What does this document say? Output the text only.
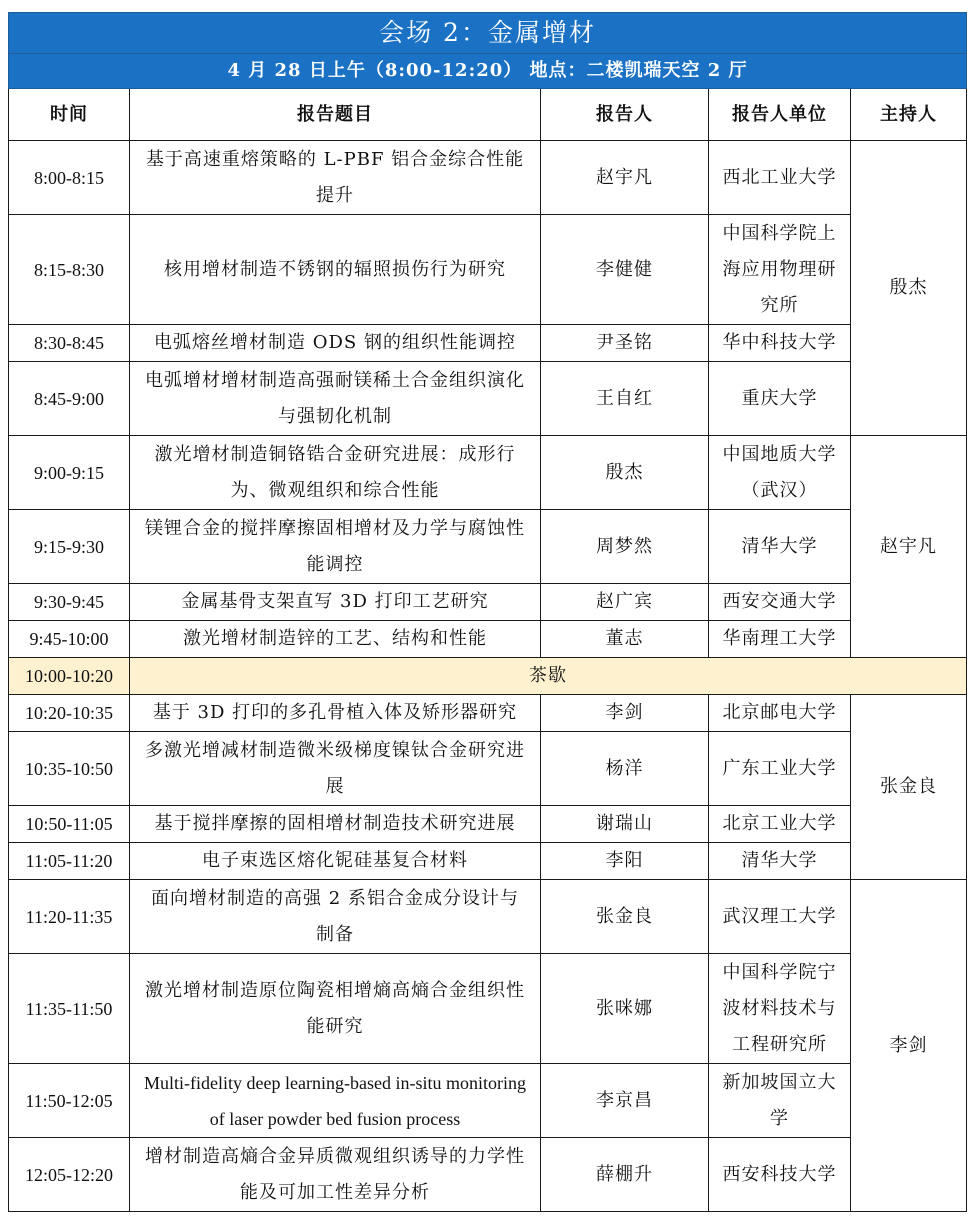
会场 2：金属增材				
4 月 28 日上午（8:00-12:20） 地点：二楼凯瑞天空 2 厅				
时间	报告题目	报告人	报告人单位	主持人
8:00-8:15	基于高速重熔策略的 L-PBF 铝合金综合性能提升	赵宇凡	西北工业大学	殷杰
8:15-8:30	核用增材制造不锈钢的辐照损伤行为研究	李健健	中国科学院上海应用物理研究所	
8:30-8:45	电弧熔丝增材制造 ODS 钢的组织性能调控	尹圣铭	华中科技大学	
8:45-9:00	电弧增材增材制造高强耐镁稀土合金组织演化与强韧化机制	王自红	重庆大学	
9:00-9:15	激光增材制造铜铬锆合金研究进展：成形行为、微观组织和综合性能	殷杰	中国地质大学（武汉）	赵宇凡
9:15-9:30	镁锂合金的搅拌摩擦固相增材及力学与腐蚀性能调控	周梦然	清华大学	
9:30-9:45	金属基骨支架直写 3D 打印工艺研究	赵广宾	西安交通大学	
9:45-10:00	激光增材制造锌的工艺、结构和性能	董志	华南理工大学	
10:00-10:20	茶歇			
10:20-10:35	基于 3D 打印的多孔骨植入体及矫形器研究	李剑	北京邮电大学	张金良
10:35-10:50	多激光增减材制造微米级梯度镍钛合金研究进展	杨洋	广东工业大学	
10:50-11:05	基于搅拌摩擦的固相增材制造技术研究进展	谢瑞山	北京工业大学	
11:05-11:20	电子束选区熔化铌硅基复合材料	李阳	清华大学	
11:20-11:35	面向增材制造的高强 2 系铝合金成分设计与制备	张金良	武汉理工大学	李剑
11:35-11:50	激光增材制造原位陶瓷相增熵高熵合金组织性能研究	张咪娜	中国科学院宁波材料技术与工程研究所	
11:50-12:05	Multi-fidelity deep learning-based in-situ monitoring of laser powder bed fusion process	李京昌	新加坡国立大学	
12:05-12:20	增材制造高熵合金异质微观组织诱导的力学性能及可加工性差异分析	薛棚升	西安科技大学	
